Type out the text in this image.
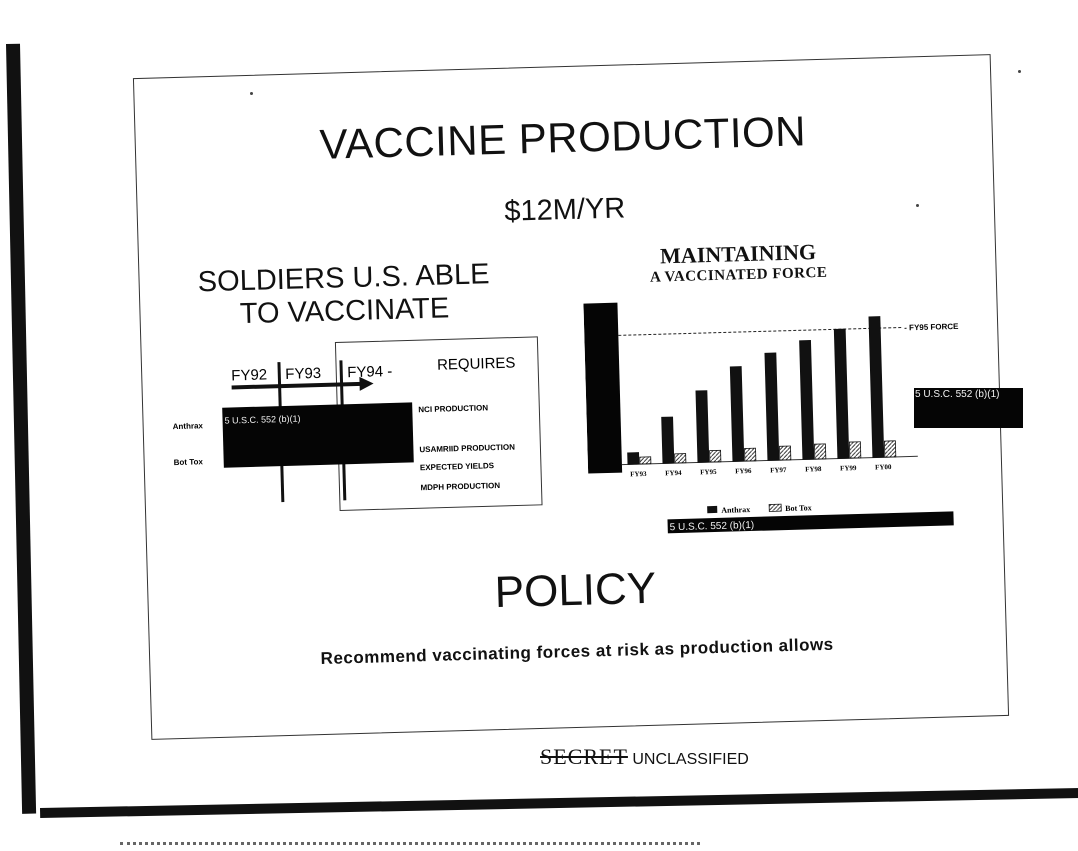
VACCINE PRODUCTION
$12M/YR
SOLDIERS U.S. ABLE TO VACCINATE
MAINTAINING
A VACCINATED FORCE
FY92 FY93 FY94 -	REQUIRES
Anthrax
Bot Tox
5 U.S.C. 552 (b)(1)
NCI PRODUCTION
USAMRIID PRODUCTION
EXPECTED YIELDS
MDPH PRODUCTION
- FY95 FORCE
FY93	FY94	FY95	FY96	FY97	FY98	FY99	FY00
Anthrax	Bot Tox
5 U.S.C. 552 (b)(1)
POLICY
Recommend vaccinating forces at risk as production allows
5 U.S.C. 552 (b)(1)
SECRET UNCLASSIFIED
